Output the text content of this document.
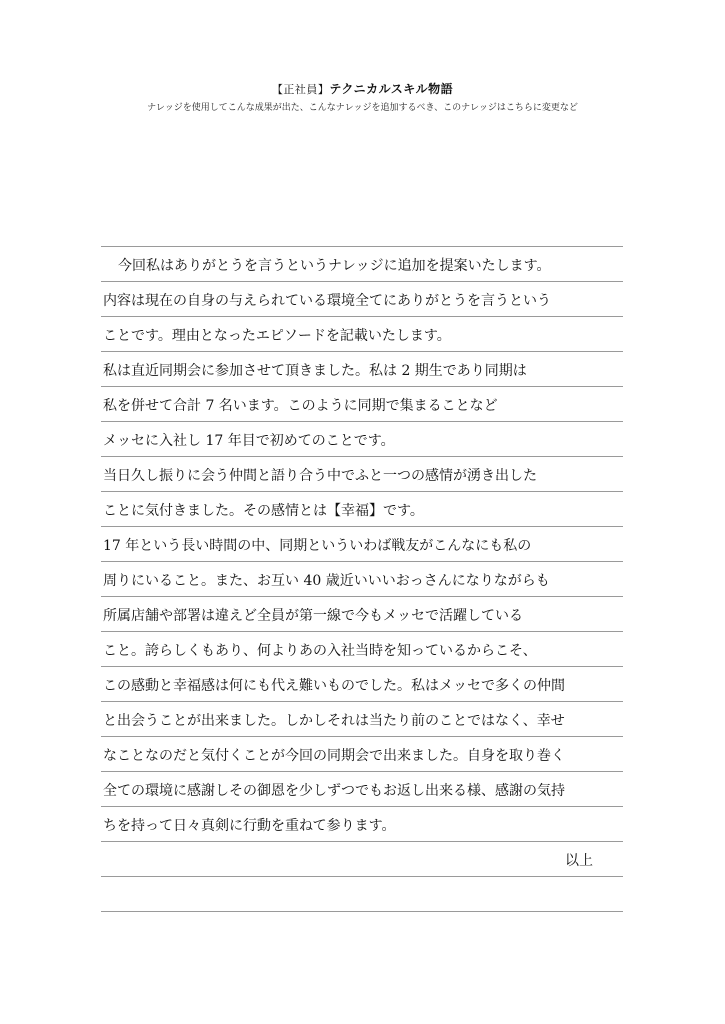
【正社員】テクニカルスキル物語
ナレッジを使用してこんな成果が出た、こんなナレッジを追加するべき、このナレッジはこちらに変更など
今回私はありがとうを言うというナレッジに追加を提案いたします。
内容は現在の自身の与えられている環境全てにありがとうを言うという
ことです。理由となったエピソードを記載いたします。
私は直近同期会に参加させて頂きました。私は 2 期生であり同期は
私を併せて合計 7 名います。このように同期で集まることなど
メッセに入社し 17 年目で初めてのことです。
当日久し振りに会う仲間と語り合う中でふと一つの感情が湧き出した
ことに気付きました。その感情とは【幸福】です。
17 年という長い時間の中、同期といういわば戦友がこんなにも私の
周りにいること。また、お互い 40 歳近いいいおっさんになりながらも
所属店舗や部署は違えど全員が第一線で今もメッセで活躍している
こと。誇らしくもあり、何よりあの入社当時を知っているからこそ、
この感動と幸福感は何にも代え難いものでした。私はメッセで多くの仲間
と出会うことが出来ました。しかしそれは当たり前のことではなく、幸せ
なことなのだと気付くことが今回の同期会で出来ました。自身を取り巻く
全ての環境に感謝しその御恩を少しずつでもお返し出来る様、感謝の気持
ちを持って日々真剣に行動を重ねて参ります。
以上
